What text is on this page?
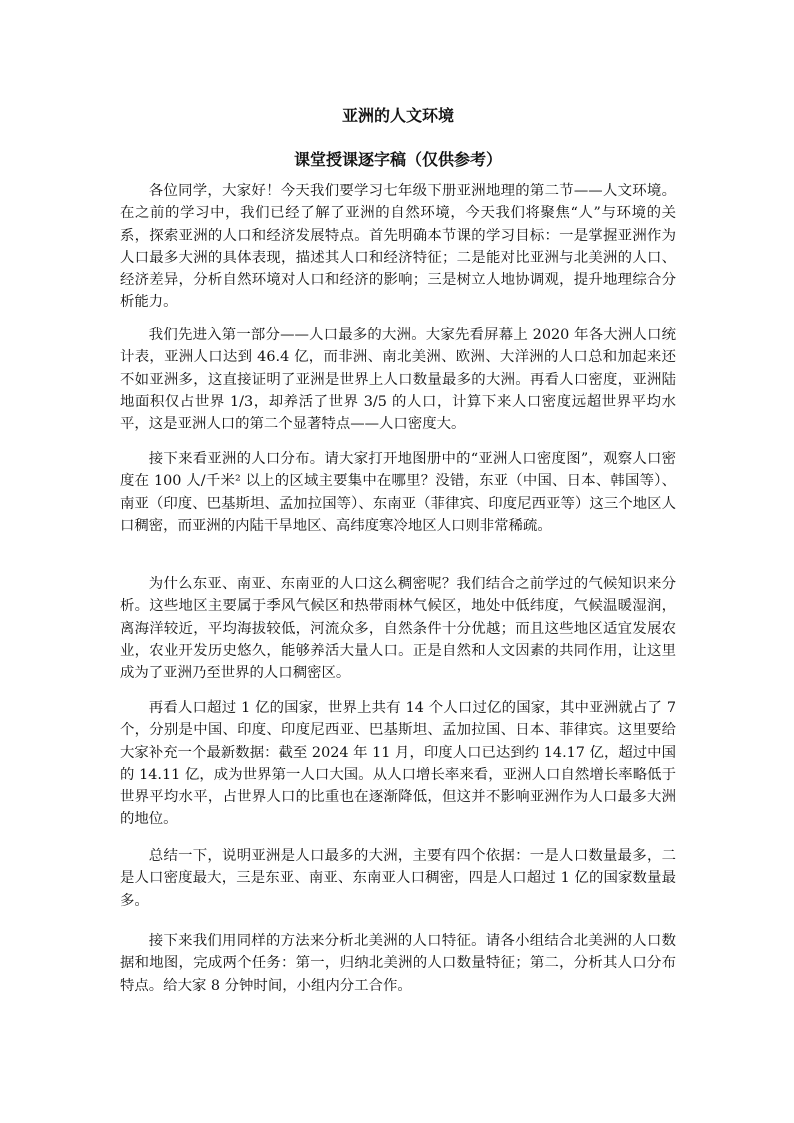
亚洲的人文环境
课堂授课逐字稿（仅供参考）

各位同学，大家好！今天我们要学习七年级下册亚洲地理的第二节——人文环境。在之前的学习中，我们已经了解了亚洲的自然环境，今天我们将聚焦“人”与环境的关系，探索亚洲的人口和经济发展特点。首先明确本节课的学习目标：一是掌握亚洲作为人口最多大洲的具体表现，描述其人口和经济特征；二是能对比亚洲与北美洲的人口、经济差异，分析自然环境对人口和经济的影响；三是树立人地协调观，提升地理综合分析能力。

我们先进入第一部分——人口最多的大洲。大家先看屏幕上 2020 年各大洲人口统计表，亚洲人口达到 46.4 亿，而非洲、南北美洲、欧洲、大洋洲的人口总和加起来还不如亚洲多，这直接证明了亚洲是世界上人口数量最多的大洲。再看人口密度，亚洲陆地面积仅占世界 1/3，却养活了世界 3/5 的人口，计算下来人口密度远超世界平均水平，这是亚洲人口的第二个显著特点——人口密度大。

接下来看亚洲的人口分布。请大家打开地图册中的“亚洲人口密度图”，观察人口密度在 100 人/千米² 以上的区域主要集中在哪里？没错，东亚（中国、日本、韩国等）、南亚（印度、巴基斯坦、孟加拉国等）、东南亚（菲律宾、印度尼西亚等）这三个地区人口稠密，而亚洲的内陆干旱地区、高纬度寒冷地区人口则非常稀疏。

为什么东亚、南亚、东南亚的人口这么稠密呢？我们结合之前学过的气候知识来分析。这些地区主要属于季风气候区和热带雨林气候区，地处中低纬度，气候温暖湿润，离海洋较近，平均海拔较低，河流众多，自然条件十分优越；而且这些地区适宜发展农业，农业开发历史悠久，能够养活大量人口。正是自然和人文因素的共同作用，让这里成为了亚洲乃至世界的人口稠密区。

再看人口超过 1 亿的国家，世界上共有 14 个人口过亿的国家，其中亚洲就占了 7 个，分别是中国、印度、印度尼西亚、巴基斯坦、孟加拉国、日本、菲律宾。这里要给大家补充一个最新数据：截至 2024 年 11 月，印度人口已达到约 14.17 亿，超过中国的 14.11 亿，成为世界第一人口大国。从人口增长率来看，亚洲人口自然增长率略低于世界平均水平，占世界人口的比重也在逐渐降低，但这并不影响亚洲作为人口最多大洲的地位。

总结一下，说明亚洲是人口最多的大洲，主要有四个依据：一是人口数量最多，二是人口密度最大，三是东亚、南亚、东南亚人口稠密，四是人口超过 1 亿的国家数量最多。

接下来我们用同样的方法来分析北美洲的人口特征。请各小组结合北美洲的人口数据和地图，完成两个任务：第一，归纳北美洲的人口数量特征；第二，分析其人口分布特点。给大家 8 分钟时间，小组内分工合作。
